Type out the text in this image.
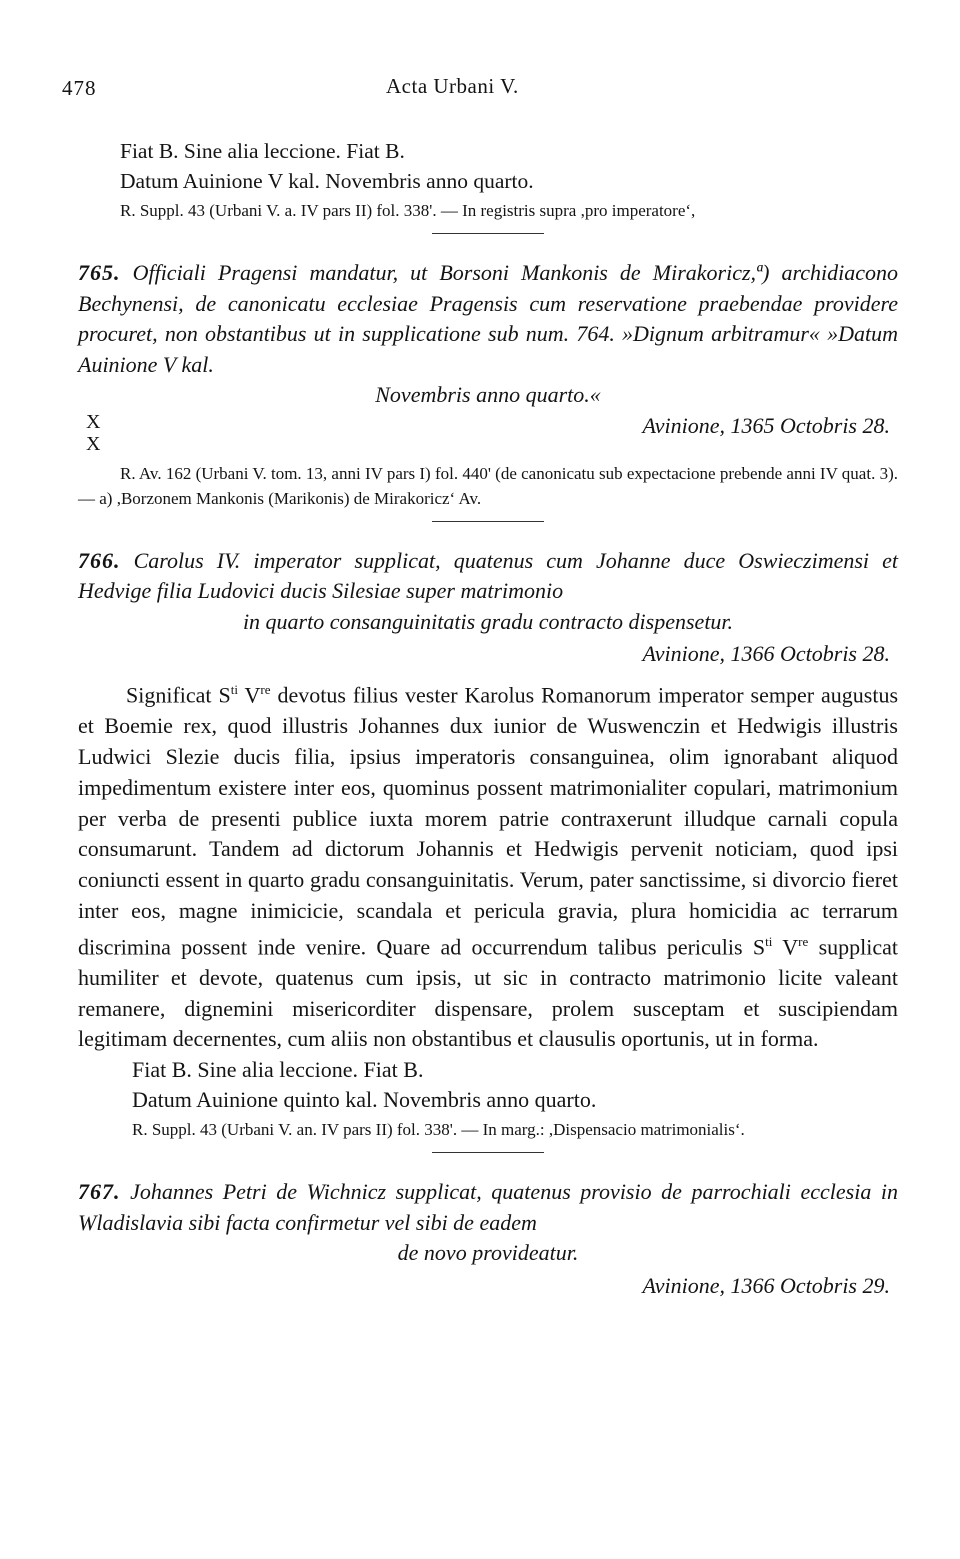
478	Acta Urbani V.

Fiat B. Sine alia leccione. Fiat B.

Datum Auinione V kal. Novembris anno quarto.

R. Suppl. 43 (Urbani V. a. IV pars II) fol. 338'. — In registris supra ,pro imperatore‘,

765. Officiali Pragensi mandatur, ut Borsoni Mankonis de Mirakoricz,ª) archidiacono Bechynensi, de canonicatu ecclesiae Pragensis cum reservatione praebendae providere procuret, non obstantibus ut in supplicatione sub num. 764. »Dignum arbitramur« »Datum Auinione V kal.

Novembris anno quarto.«

X
X
Avinione, 1365 Octobris 28.

R. Av. 162 (Urbani V. tom. 13, anni IV pars I) fol. 440' (de canonicatu sub expectacione prebende anni IV quat. 3). — a) ,Borzonem Mankonis (Marikonis) de Mirakoricz‘ Av.

766. Carolus IV. imperator supplicat, quatenus cum Johanne duce Oswieczimensi et Hedvige filia Ludovici ducis Silesiae super matrimonio

in quarto consanguinitatis gradu contracto dispensetur.

Avinione, 1366 Octobris 28.

Significat $S^{ti}$ Vre devotus filius vester Karolus Romanorum imperator semper augustus et Boemie rex, quod illustris Johannes dux iunior de Wuswenczin et Hedwigis illustris Ludwici Slezie ducis filia, ipsius imperatoris consanguinea, olim ignorabant aliquod impedimentum existere inter eos, quominus possent matrimonialiter copulari, matrimonium per verba de presenti publice iuxta morem patrie contraxerunt illudque carnali copula consumarunt. Tandem ad dictorum Johannis et Hedwigis pervenit noticiam, quod ipsi coniuncti essent in quarto gradu consanguinitatis. Verum, pater sanctissime, si divorcio fieret inter eos, magne inimicicie, scandala et pericula gravia, plura homicidia ac terrarum discrimina possent inde venire. Quare ad occurrendum talibus periculis $S^{ti}$ Vre supplicat humiliter et devote, quatenus cum ipsis, ut sic in contracto matrimonio licite valeant remanere, dignemini misericorditer dispensare, prolem susceptam et suscipiendam legitimam decernentes, cum aliis non obstantibus et clausulis oportunis, ut in forma.

Fiat B. Sine alia leccione. Fiat B.

Datum Auinione quinto kal. Novembris anno quarto.

R. Suppl. 43 (Urbani V. an. IV pars II) fol. 338'. — In marg.: ,Dispensacio matrimonialis‘.

767. Johannes Petri de Wichnicz supplicat, quatenus provisio de parrochiali ecclesia in Wladislavia sibi facta confirmetur vel sibi de eadem

de novo provideatur.

Avinione, 1366 Octobris 29.
